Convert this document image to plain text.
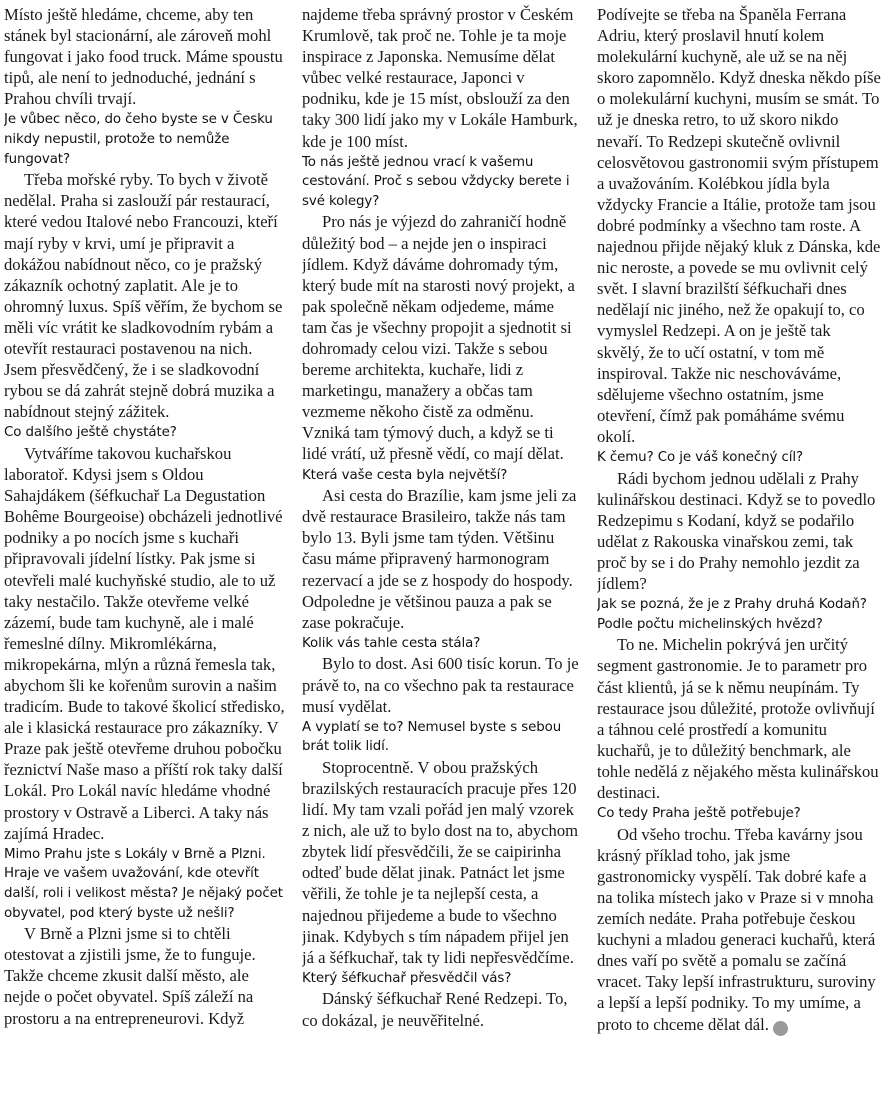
Místo ještě hledáme, chceme, aby ten stánek byl stacionární, ale zároveň mohl fungovat i jako food truck. Máme spoustu tipů, ale není to jednoduché, jednání s Prahou chvíli trvají.

Je vůbec něco, do čeho byste se v Česku nikdy nepustil, protože to nemůže fungovat?

Třeba mořské ryby. To bych v životě nedělal. Praha si zaslouží pár restaurací, které vedou Italové nebo Francouzi, kteří mají ryby v krvi, umí je připravit a dokážou nabídnout něco, co je pražský zákazník ochotný zaplatit. Ale je to ohromný luxus. Spíš věřím, že bychom se měli víc vrátit ke sladkovodním rybám a otevřít restauraci postavenou na nich. Jsem přesvědčený, že i se sladkovodní rybou se dá zahrát stejně dobrá muzika a nabídnout stejný zážitek.

Co dalšího ještě chystáte?

Vytváříme takovou kuchařskou laboratoř. Kdysi jsem s Oldou Sahajdákem (šéfkuchař La Degustation Bohême Bourgeoise) obcházeli jednotlivé podniky a po nocích jsme s kuchaři připravovali jídelní lístky. Pak jsme si otevřeli malé kuchyňské studio, ale to už taky nestačilo. Takže otevřeme velké zázemí, bude tam kuchyně, ale i malé řemeslné dílny. Mikromlékárna, mikropekárna, mlýn a různá řemesla tak, abychom šli ke kořenům surovin a našim tradicím. Bude to takové školicí středisko, ale i klasická restaurace pro zákazníky. V Praze pak ještě otevřeme druhou pobočku řeznictví Naše maso a příští rok taky další Lokál. Pro Lokál navíc hledáme vhodné prostory v Ostravě a Liberci. A taky nás zajímá Hradec.

Mimo Prahu jste s Lokály v Brně a Plzni. Hraje ve vašem uvažování, kde otevřít další, roli i velikost města? Je nějaký počet obyvatel, pod který byste už nešli?

V Brně a Plzni jsme si to chtěli otestovat a zjistili jsme, že to funguje. Takže chceme zkusit další město, ale nejde o počet obyvatel. Spíš záleží na prostoru a na entrepreneurovi. Když

najdeme třeba správný prostor v Českém Krumlově, tak proč ne. Tohle je ta moje inspirace z Japonska. Nemusíme dělat vůbec velké restaurace, Japonci v podniku, kde je 15 míst, obslouží za den taky 300 lidí jako my v Lokále Hamburk, kde je 100 míst.

To nás ještě jednou vrací k vašemu cestování. Proč s sebou vždycky berete i své kolegy?

Pro nás je výjezd do zahraničí hodně důležitý bod – a nejde jen o inspiraci jídlem. Když dáváme dohromady tým, který bude mít na starosti nový projekt, a pak společně někam odjedeme, máme tam čas je všechny propojit a sjednotit si dohromady celou vizi. Takže s sebou bereme architekta, kuchaře, lidi z marketingu, manažery a občas tam vezmeme někoho čistě za odměnu. Vzniká tam týmový duch, a když se ti lidé vrátí, už přesně vědí, co mají dělat.

Která vaše cesta byla největší?

Asi cesta do Brazílie, kam jsme jeli za dvě restaurace Brasileiro, takže nás tam bylo 13. Byli jsme tam týden. Většinu času máme připravený harmonogram rezervací a jde se z hospody do hospody. Odpoledne je většinou pauza a pak se zase pokračuje.

Kolik vás tahle cesta stála?

Bylo to dost. Asi 600 tisíc korun. To je právě to, na co všechno pak ta restaurace musí vydělat.

A vyplatí se to? Nemusel byste s sebou brát tolik lidí.

Stoprocentně. V obou pražských brazilských restauracích pracuje přes 120 lidí. My tam vzali pořád jen malý vzorek z nich, ale už to bylo dost na to, abychom zbytek lidí přesvědčili, že se caipirinha odteď bude dělat jinak. Patnáct let jsme věřili, že tohle je ta nejlepší cesta, a najednou přijedeme a bude to všechno jinak. Kdybych s tím nápadem přijel jen já a šéfkuchař, tak ty lidi nepřesvědčíme.

Který šéfkuchař přesvědčil vás?

Dánský šéfkuchař René Redzepi. To, co dokázal, je neuvěřitelné.

Podívejte se třeba na Španěla Ferrana Adriu, který proslavil hnutí kolem molekulární kuchyně, ale už se na něj skoro zapomnělo. Když dneska někdo píše o molekulární kuchyni, musím se smát. To už je dneska retro, to už skoro nikdo nevaří. To Redzepi skutečně ovlivnil celosvětovou gastronomii svým přístupem a uvažováním. Kolébkou jídla byla vždycky Francie a Itálie, protože tam jsou dobré podmínky a všechno tam roste. A najednou přijde nějaký kluk z Dánska, kde nic neroste, a povede se mu ovlivnit celý svět. I slavní brazilští šéfkuchaři dnes nedělají nic jiného, než že opakují to, co vymyslel Redzepi. A on je ještě tak skvělý, že to učí ostatní, v tom mě inspiroval. Takže nic neschováváme, sdělujeme všechno ostatním, jsme otevření, čímž pak pomáháme svému okolí.

K čemu? Co je váš konečný cíl?

Rádi bychom jednou udělali z Prahy kulinářskou destinaci. Když se to povedlo Redzepimu s Kodaní, když se podařilo udělat z Rakouska vinařskou zemi, tak proč by se i do Prahy nemohlo jezdit za jídlem?

Jak se pozná, že je z Prahy druhá Kodaň? Podle počtu michelinských hvězd?

To ne. Michelin pokrývá jen určitý segment gastronomie. Je to parametr pro část klientů, já se k němu neupínám. Ty restaurace jsou důležité, protože ovlivňují a táhnou celé prostředí a komunitu kuchařů, je to důležitý benchmark, ale tohle nedělá z nějakého města kulinářskou destinaci.

Co tedy Praha ještě potřebuje?

Od všeho trochu. Třeba kavárny jsou krásný příklad toho, jak jsme gastronomicky vyspělí. Tak dobré kafe a na tolika místech jako v Praze si v mnoha zemích nedáte. Praha potřebuje českou kuchyni a mladou generaci kuchařů, která dnes vaří po světě a pomalu se začíná vracet. Taky lepší infrastrukturu, suroviny a lepší a lepší podniky. To my umíme, a proto to chceme dělat dál. F
